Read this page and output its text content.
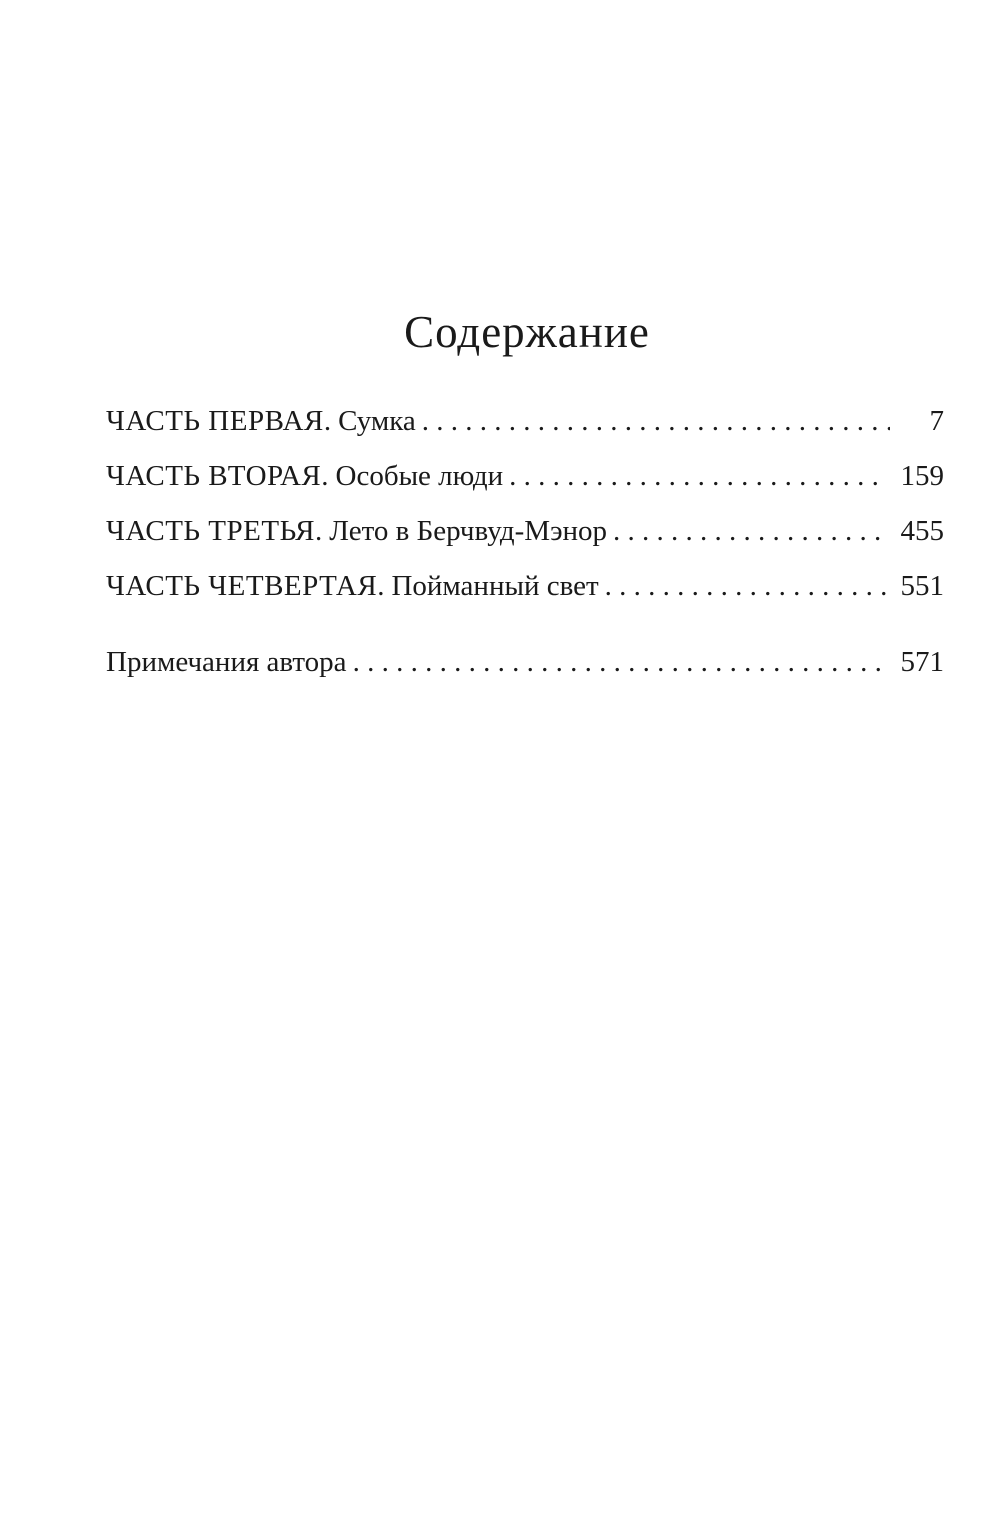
Содержание
ЧАСТЬ ПЕРВАЯ . Сумка . . .	7
ЧАСТЬ ВТОРАЯ . Особые люди . . .	159
ЧАСТЬ ТРЕТЬЯ . Лето в Берчвуд-Мэнор . . .	455
ЧАСТЬ ЧЕТВЕРТАЯ . Пойманный свет . . .	551
Примечания автора . . .	571
